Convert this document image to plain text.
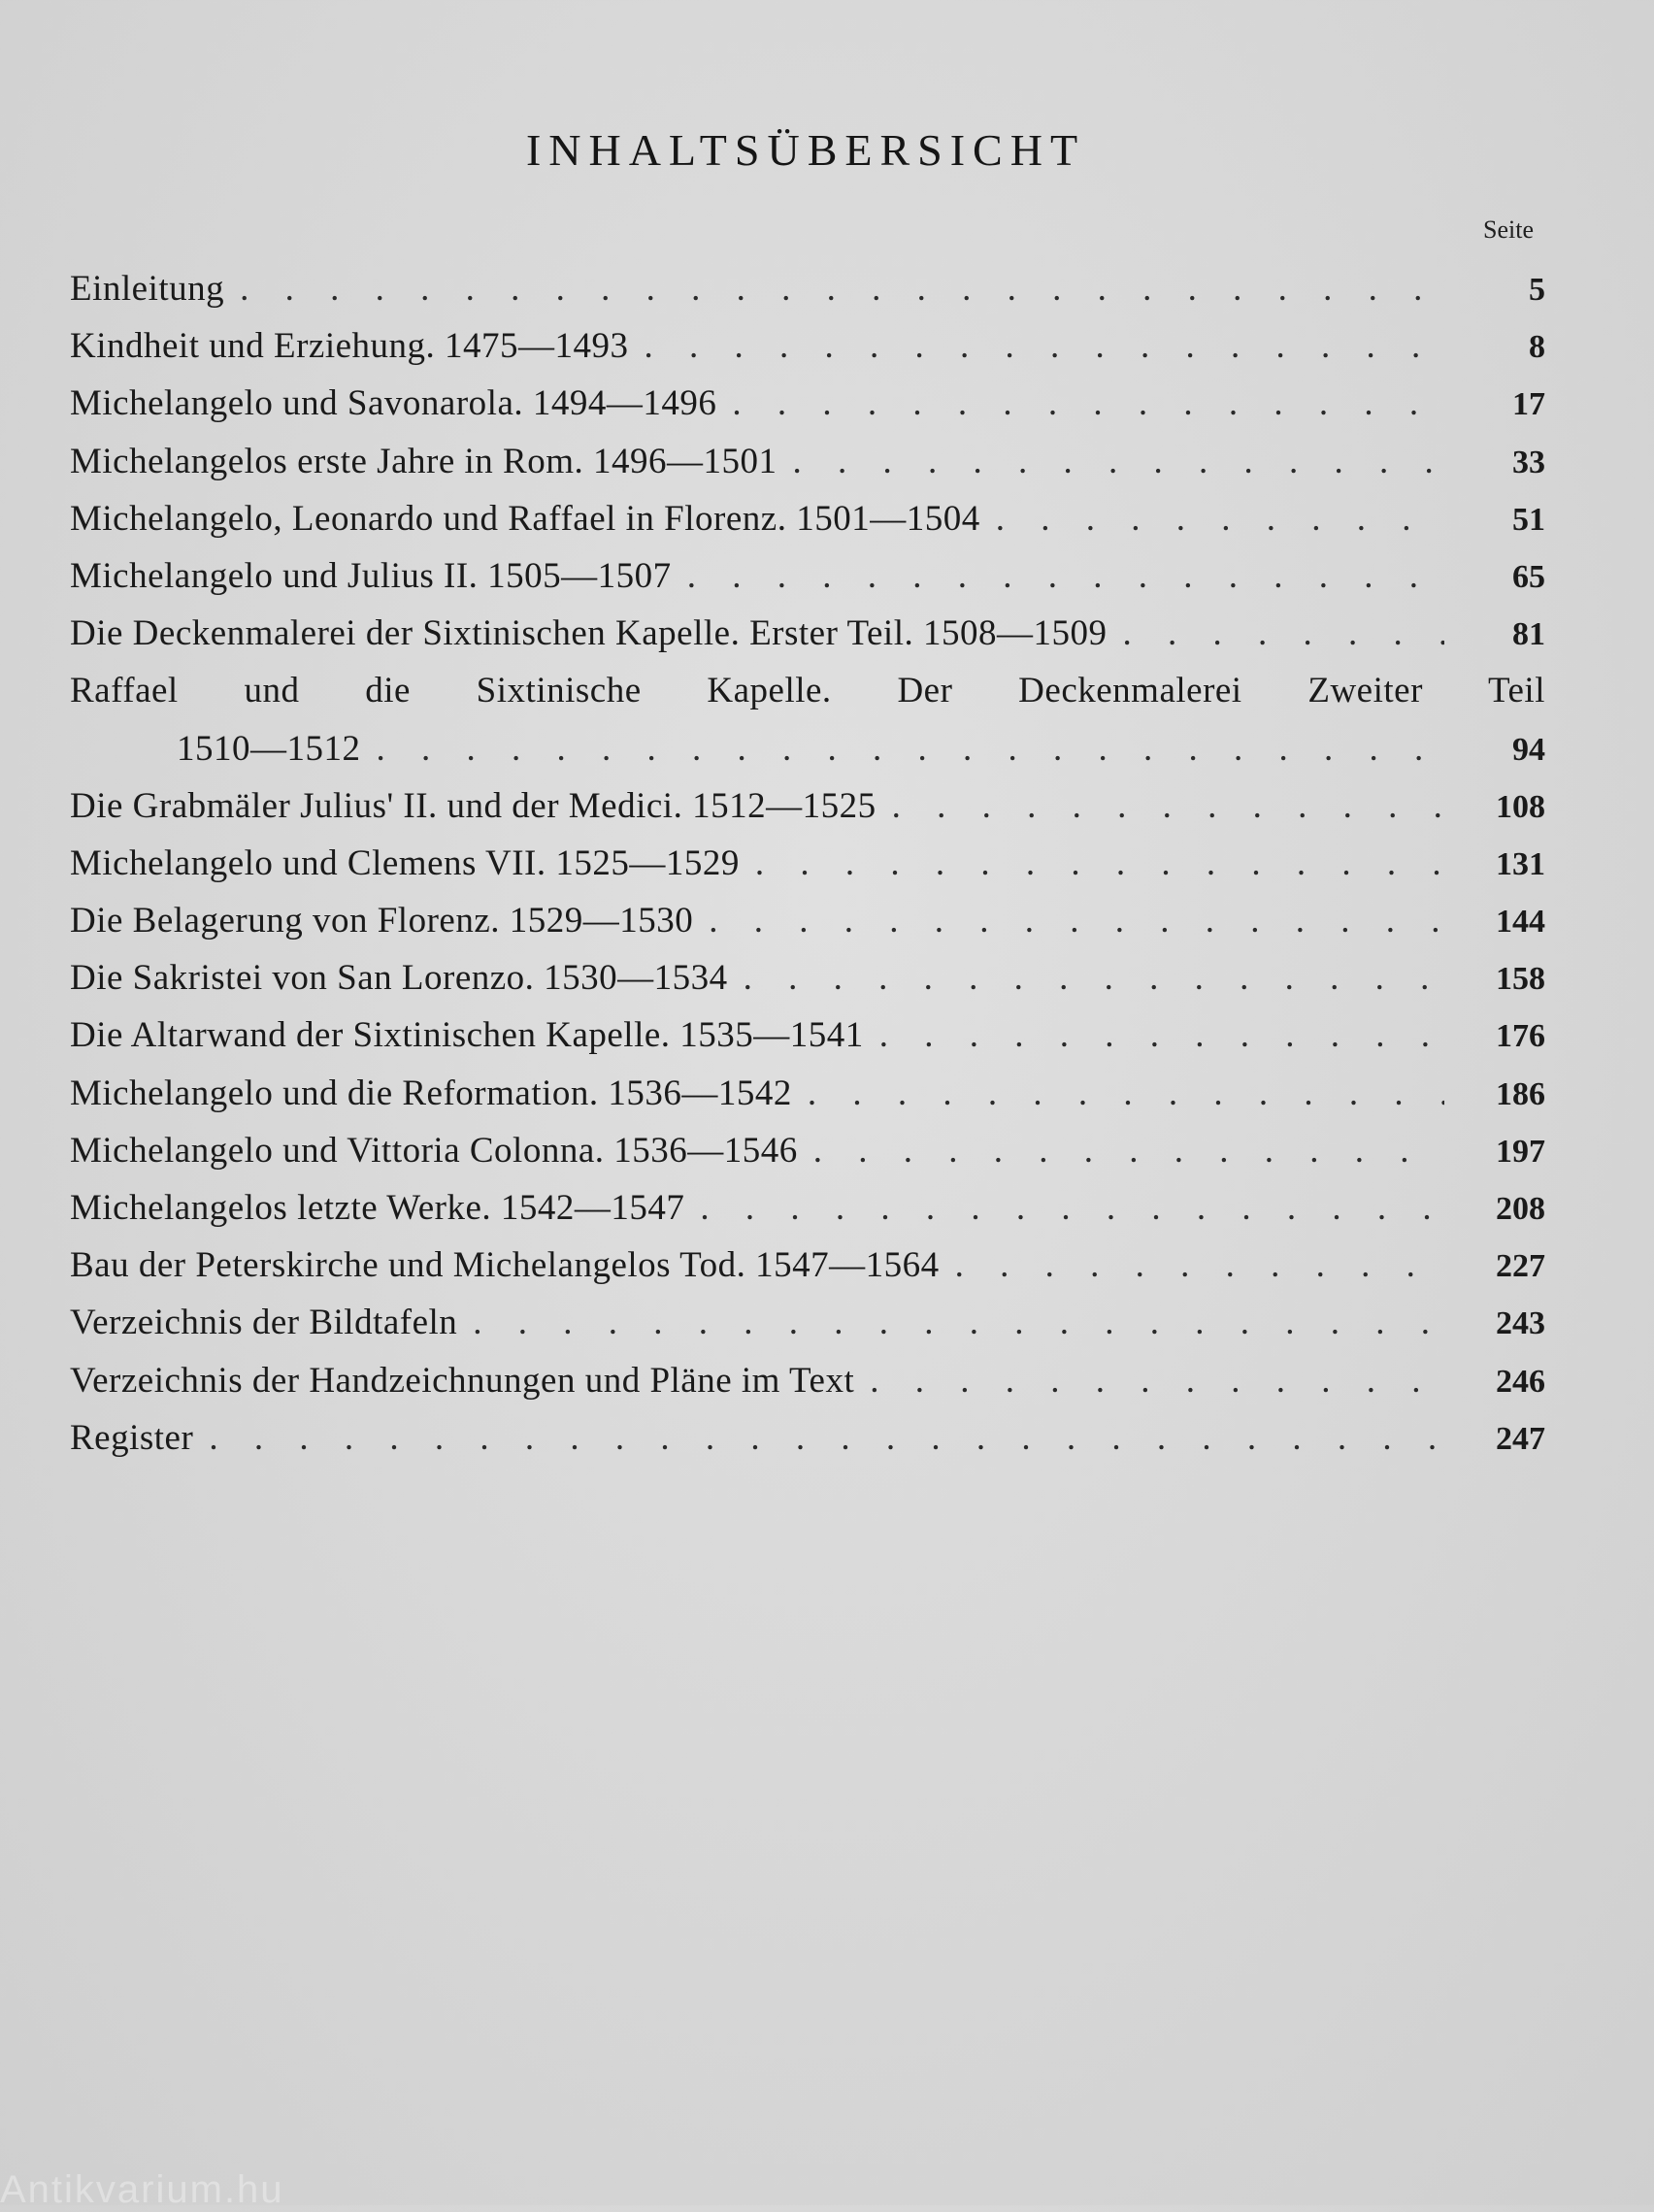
INHALTSÜBERSICHT
Seite
Einleitung . . .	5
Kindheit und Erziehung. 1475—1493 . . .	8
Michelangelo und Savonarola. 1494—1496 . . .	17
Michelangelos erste Jahre in Rom. 1496—1501 . . .	33
Michelangelo, Leonardo und Raffael in Florenz. 1501—1504 . . .	51
Michelangelo und Julius II. 1505—1507 . . .	65
Die Deckenmalerei der Sixtinischen Kapelle. Erster Teil. 1508—1509 . . .	81
Raffael und die Sixtinische Kapelle. Der Deckenmalerei Zweiter Teil
1510—1512 . . .	94
Die Grabmäler Julius' II. und der Medici. 1512—1525 . . .	108
Michelangelo und Clemens VII. 1525—1529 . . .	131
Die Belagerung von Florenz. 1529—1530 . . .	144
Die Sakristei von San Lorenzo. 1530—1534 . . .	158
Die Altarwand der Sixtinischen Kapelle. 1535—1541 . . .	176
Michelangelo und die Reformation. 1536—1542 . . .	186
Michelangelo und Vittoria Colonna. 1536—1546 . . .	197
Michelangelos letzte Werke. 1542—1547 . . .	208
Bau der Peterskirche und Michelangelos Tod. 1547—1564 . . .	227
Verzeichnis der Bildtafeln . . .	243
Verzeichnis der Handzeichnungen und Pläne im Text . . .	246
Register . . .	247
Antikvarium.hu
